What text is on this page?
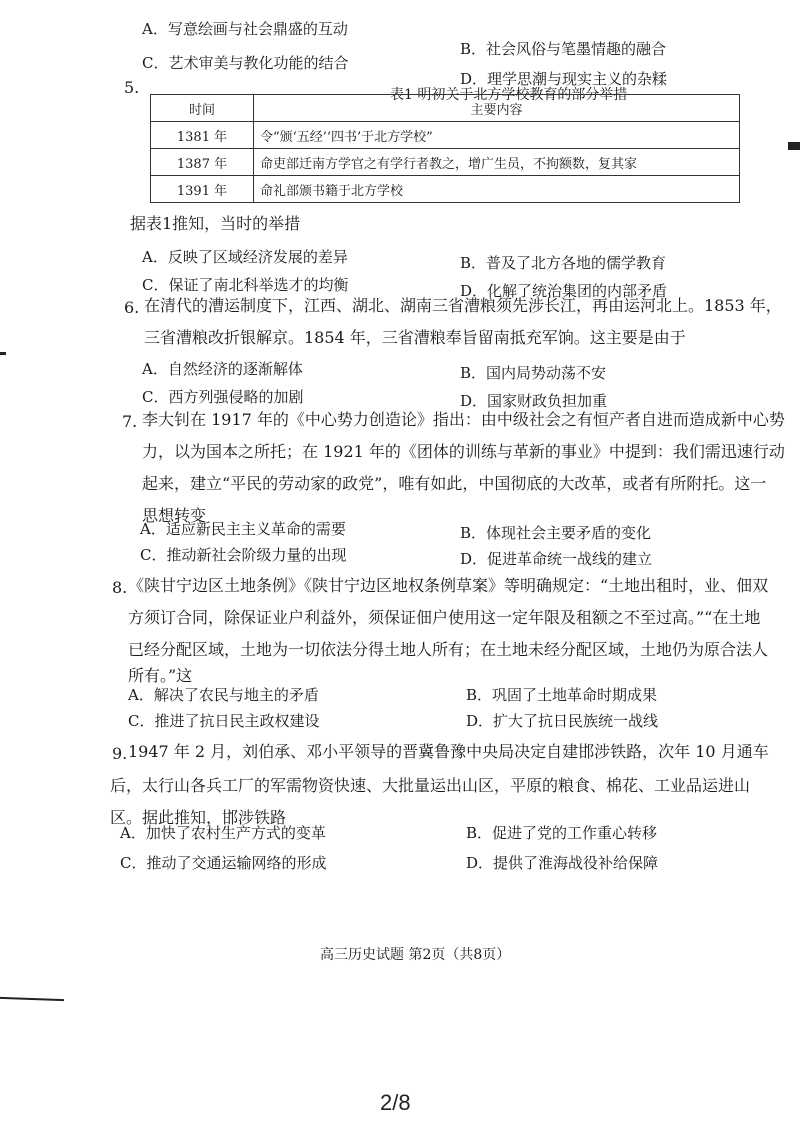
A．写意绘画与社会鼎盛的互动
C．艺术审美与教化功能的结合
B．社会风俗与笔墨情趣的融合
D．理学思潮与现实主义的杂糅
5.	表1 明初关于北方学校教育的部分举措
时间	主要内容
1381 年	令“颁‘五经’‘四书’于北方学校”
1387 年	命吏部迁南方学官之有学行者教之，增广生员，不拘额数，复其家
1391 年	命礼部颁书籍于北方学校
据表1推知，当时的举措
A．反映了区域经济发展的差异	B．普及了北方各地的儒学教育
C．保证了南北科举选才的均衡	D．化解了统治集团的内部矛盾
6. 在清代的漕运制度下，江西、湖北、湖南三省漕粮须先涉长江，再由运河北上。1853 年，
三省漕粮改折银解京。1854 年，三省漕粮奉旨留南抵充军饷。这主要是由于
A．自然经济的逐渐解体	B．国内局势动荡不安
C．西方列强侵略的加剧	D．国家财政负担加重
7. 李大钊在 1917 年的《中心势力创造论》指出：由中级社会之有恒产者自进而造成新中心势
力，以为国本之所托；在 1921 年的《团体的训练与革新的事业》中提到：我们需迅速行动
起来，建立“平民的劳动家的政党”，唯有如此，中国彻底的大改革，或者有所附托。这一
思想转变
A．适应新民主主义革命的需要	B．体现社会主要矛盾的变化
C．推动新社会阶级力量的出现	D．促进革命统一战线的建立
8. 《陕甘宁边区土地条例》《陕甘宁边区地权条例草案》等明确规定：“土地出租时，业、佃双
方须订合同，除保证业户利益外，须保证佃户使用这一定年限及租额之不至过高。”“在土地
已经分配区域，土地为一切依法分得土地人所有；在土地未经分配区域，土地仍为原合法人
所有。”这
A．解决了农民与地主的矛盾	B．巩固了土地革命时期成果
C．推进了抗日民主政权建设	D．扩大了抗日民族统一战线
9. 1947 年 2 月，刘伯承、邓小平领导的晋冀鲁豫中央局决定自建邯涉铁路，次年 10 月通车
后，太行山各兵工厂的军需物资快速、大批量运出山区，平原的粮食、棉花、工业品运进山
区。据此推知，邯涉铁路
A．加快了农村生产方式的变革	B．促进了党的工作重心转移
C．推动了交通运输网络的形成	D．提供了淮海战役补给保障
高三历史试题 第2页（共8页）
2/8
